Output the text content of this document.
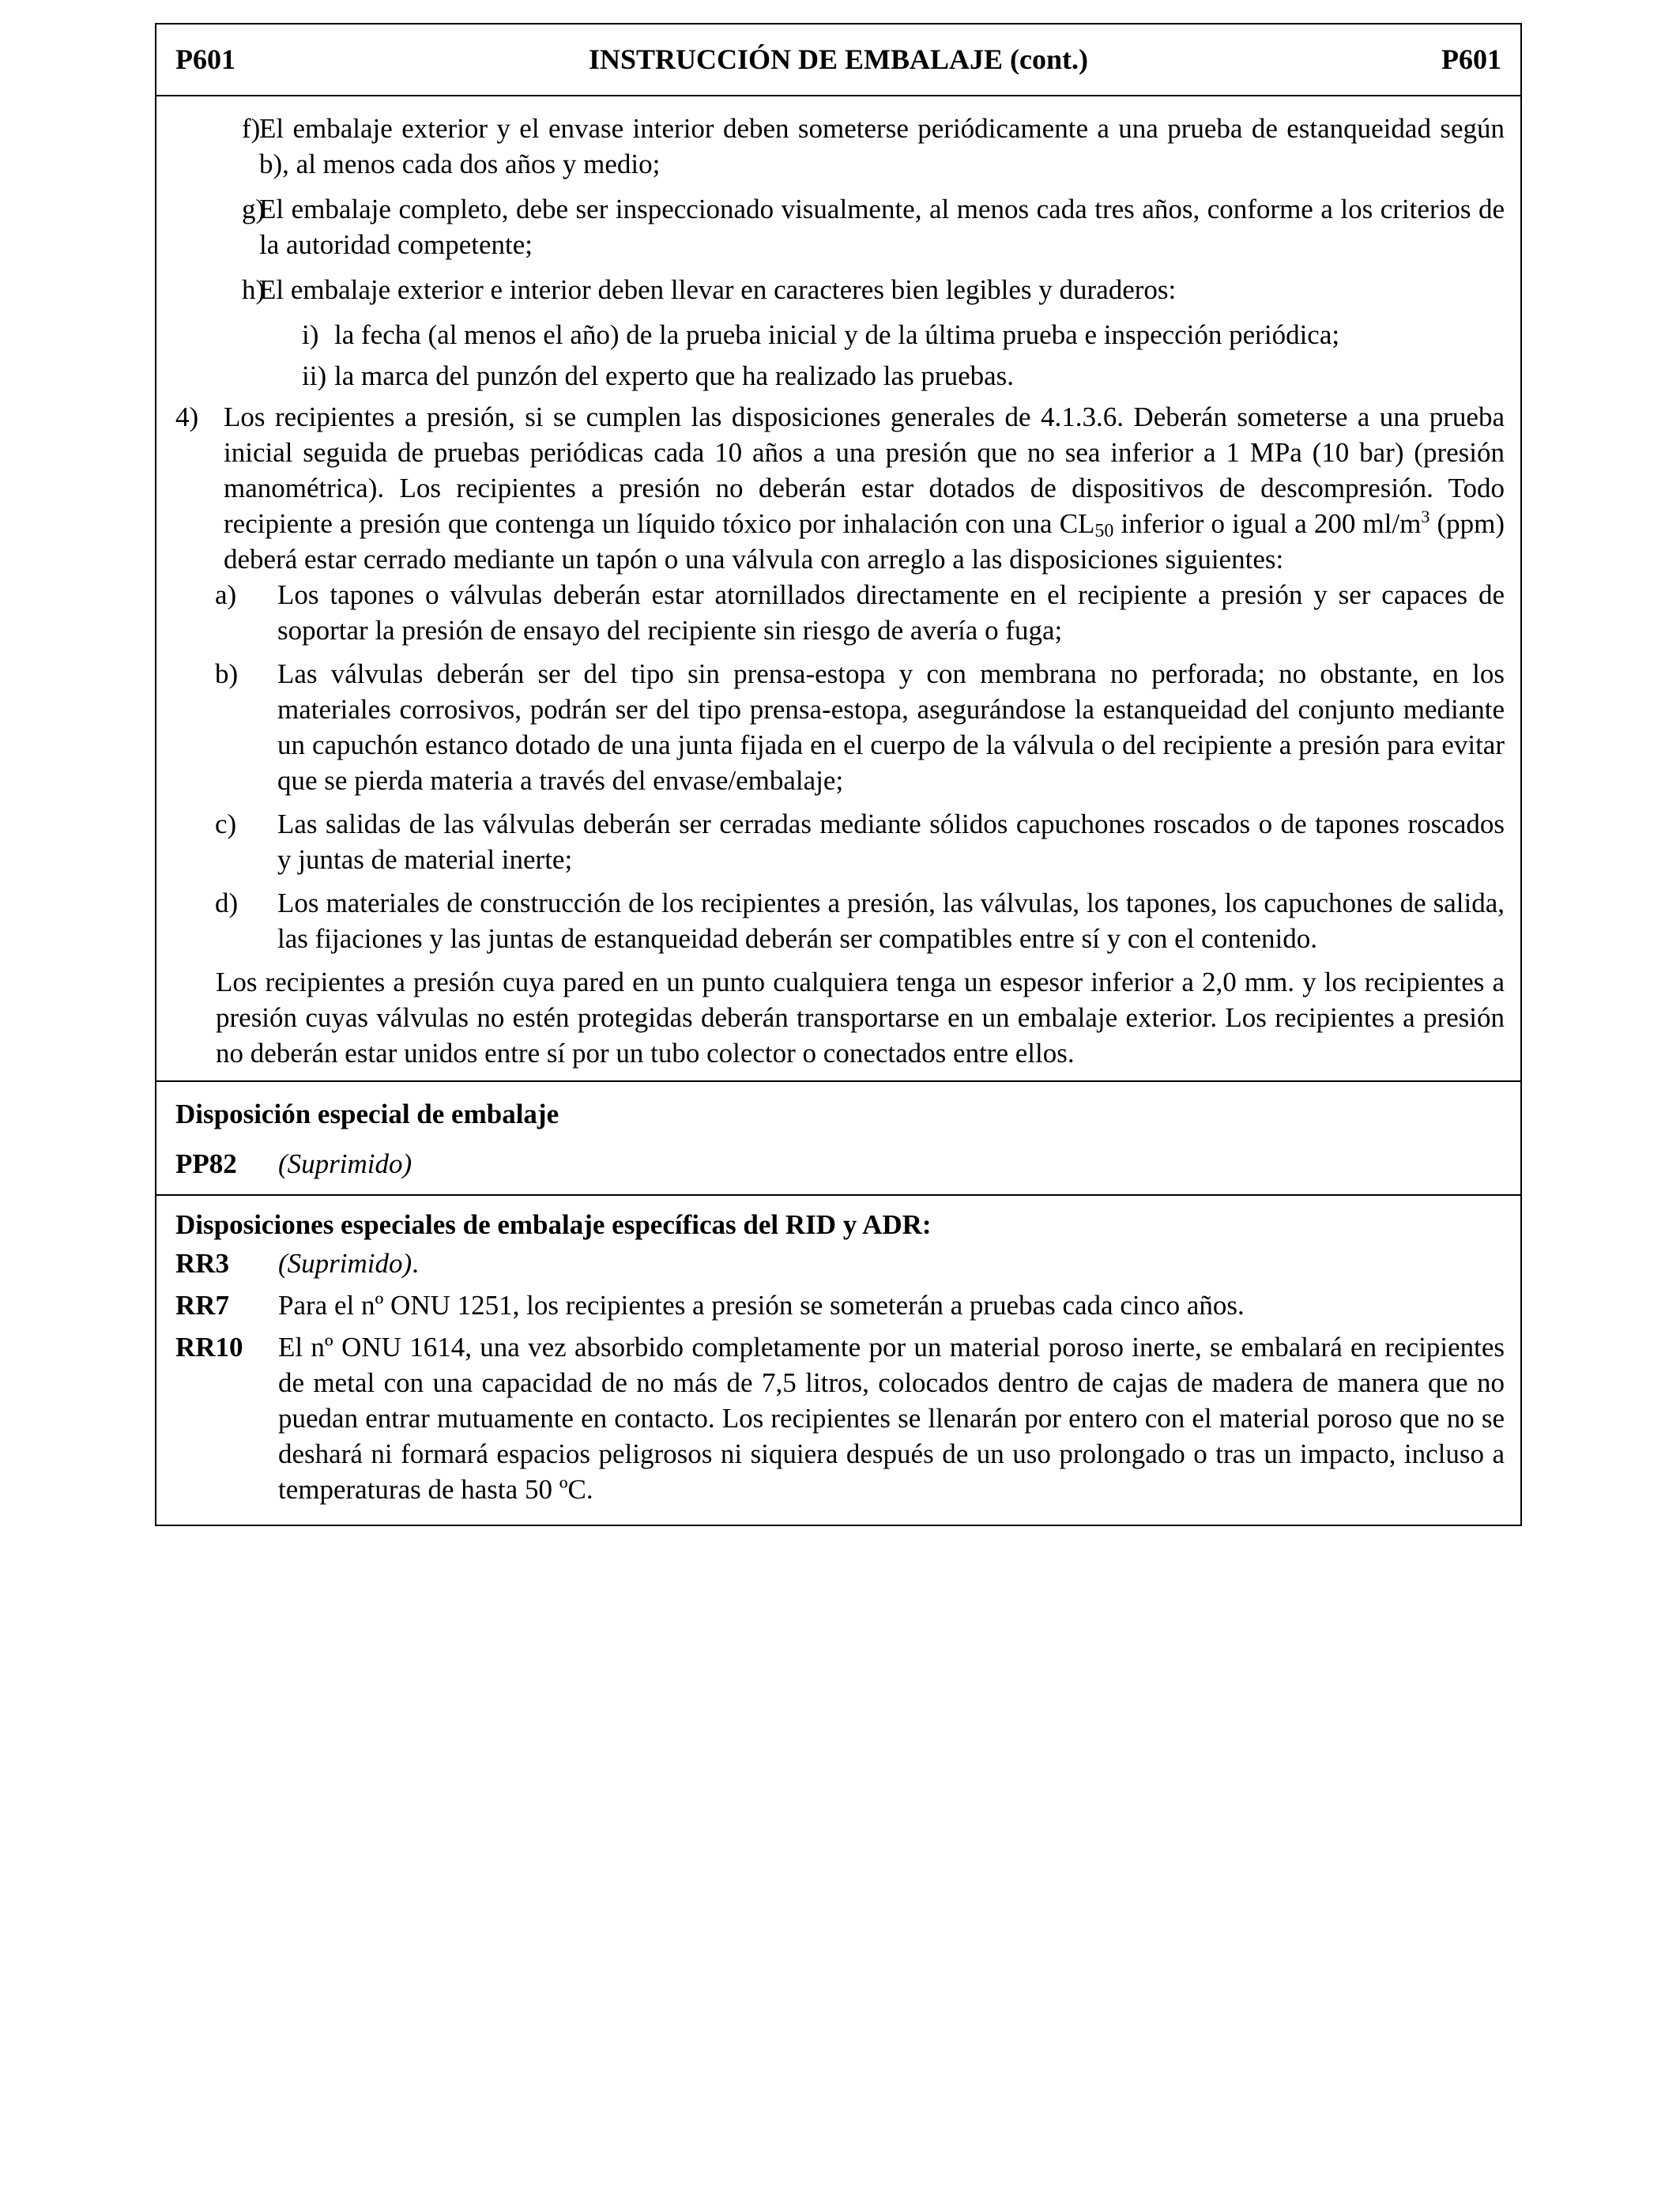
P601	INSTRUCCIÓN DE EMBALAJE (cont.)	P601
f)
El embalaje exterior y el envase interior deben someterse periódicamente a una prueba de estanqueidad según b), al menos cada dos años y medio;
g)
El embalaje completo, debe ser inspeccionado visualmente, al menos cada tres años, conforme a los criterios de la autoridad competente;
h)
El embalaje exterior e interior deben llevar en caracteres bien legibles y duraderos:
i) la fecha (al menos el año) de la prueba inicial y de la última prueba e inspección periódica;
ii) la marca del punzón del experto que ha realizado las pruebas.
4) Los recipientes a presión, si se cumplen las disposiciones generales de 4.1.3.6. Deberán someterse a una prueba inicial seguida de pruebas periódicas cada 10 años a una presión que no sea inferior a 1 MPa (10 bar) (presión manométrica). Los recipientes a presión no deberán estar dotados de dispositivos de descompresión. Todo recipiente a presión que contenga un líquido tóxico por inhalación con una $CL_{50}$ inferior o igual a 200 $ml/m^3$ (ppm) deberá estar cerrado mediante un tapón o una válvula con arreglo a las disposiciones siguientes:
a)	Los tapones o válvulas deberán estar atornillados directamente en el recipiente a presión y ser capaces de soportar la presión de ensayo del recipiente sin riesgo de avería o fuga;
b)	Las válvulas deberán ser del tipo sin prensa-estopa y con membrana no perforada; no obstante, en los materiales corrosivos, podrán ser del tipo prensa-estopa, asegurándose la estanqueidad del conjunto mediante un capuchón estanco dotado de una junta fijada en el cuerpo de la válvula o del recipiente a presión para evitar que se pierda materia a través del envase/embalaje;
c)	Las salidas de las válvulas deberán ser cerradas mediante sólidos capuchones roscados o de tapones roscados y juntas de material inerte;
d)	Los materiales de construcción de los recipientes a presión, las válvulas, los tapones, los capuchones de salida, las fijaciones y las juntas de estanqueidad deberán ser compatibles entre sí y con el contenido.
Los recipientes a presión cuya pared en un punto cualquiera tenga un espesor inferior a 2,0 mm. y los recipientes a presión cuyas válvulas no estén protegidas deberán transportarse en un embalaje exterior. Los recipientes a presión no deberán estar unidos entre sí por un tubo colector o conectados entre ellos.
Disposición especial de embalaje
PP82	(Suprimido)
Disposiciones especiales de embalaje específicas del RID y ADR:
RR3	(Suprimido).
RR7	Para el nº ONU 1251, los recipientes a presión se someterán a pruebas cada cinco años.
RR10	El nº ONU 1614, una vez absorbido completamente por un material poroso inerte, se embalará en recipientes de metal con una capacidad de no más de 7,5 litros, colocados dentro de cajas de madera de manera que no puedan entrar mutuamente en contacto. Los recipientes se llenarán por entero con el material poroso que no se deshará ni formará espacios peligrosos ni siquiera después de un uso prolongado o tras un impacto, incluso a temperaturas de hasta 50 ºC.
